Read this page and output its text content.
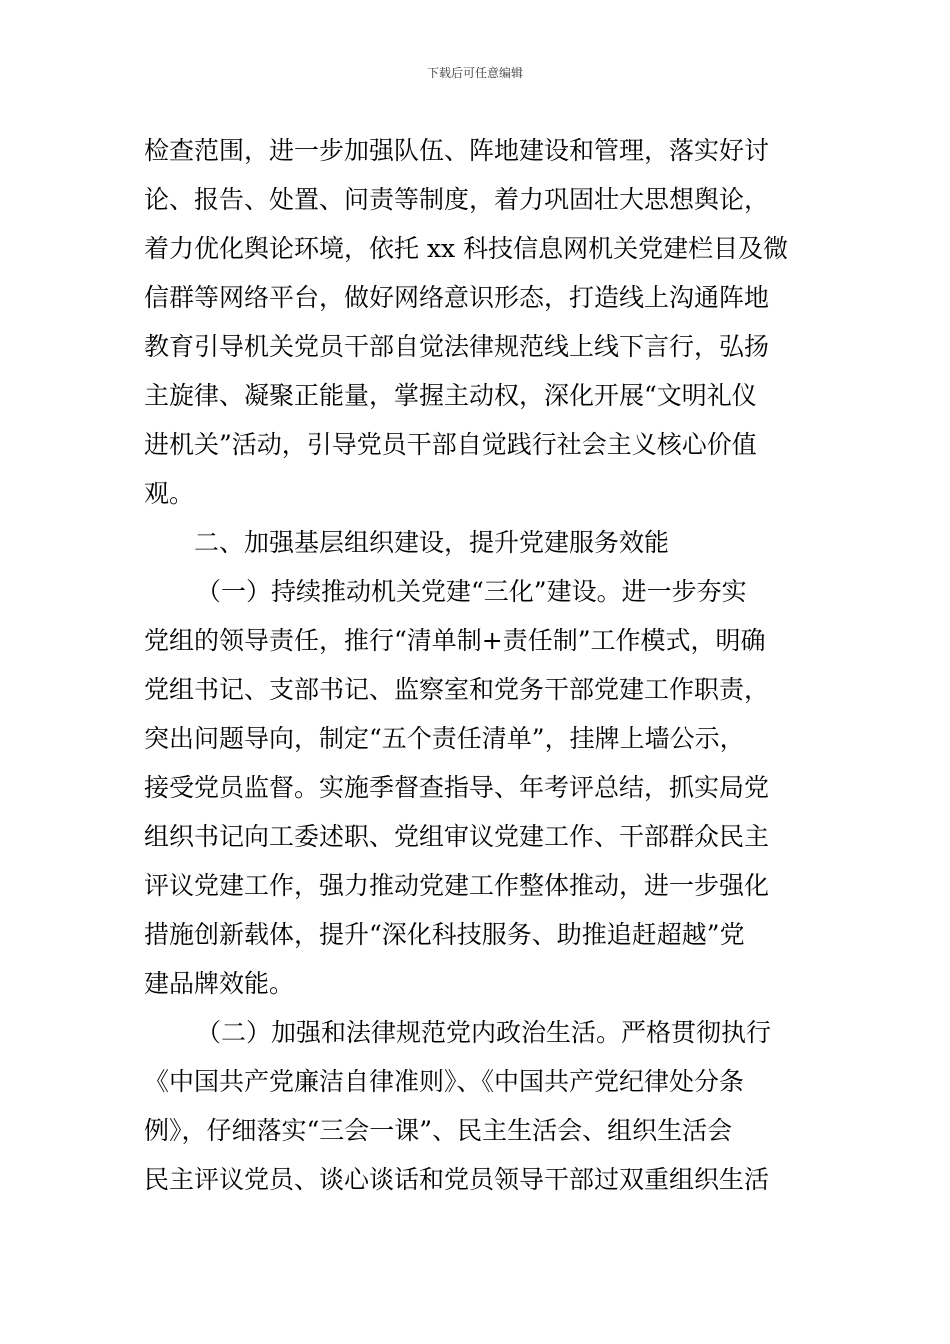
下载后可任意编辑
检查范围，进一步加强队伍、阵地建设和管理，落实好讨
论、报告、处置、问责等制度，着力巩固壮大思想舆论，
着力优化舆论环境，依托 xx 科技信息网机关党建栏目及微
信群等网络平台，做好网络意识形态，打造线上沟通阵地
教育引导机关党员干部自觉法律规范线上线下言行，弘扬
主旋律、凝聚正能量，掌握主动权，深化开展“文明礼仪
进机关”活动，引导党员干部自觉践行社会主义核心价值
观。
二、加强基层组织建设，提升党建服务效能
（一）持续推动机关党建“三化”建设。进一步夯实
党组的领导责任，推行“清单制+责任制”工作模式，明确
党组书记、支部书记、监察室和党务干部党建工作职责，
突出问题导向，制定“五个责任清单”，挂牌上墙公示，
接受党员监督。实施季督查指导、年考评总结，抓实局党
组织书记向工委述职、党组审议党建工作、干部群众民主
评议党建工作，强力推动党建工作整体推动，进一步强化
措施创新载体，提升“深化科技服务、助推追赶超越”党
建品牌效能。
（二）加强和法律规范党内政治生活。严格贯彻执行
《中国共产党廉洁自律准则》、《中国共产党纪律处分条
例》，仔细落实“三会一课”、民主生活会、组织生活会
民主评议党员、谈心谈话和党员领导干部过双重组织生活
